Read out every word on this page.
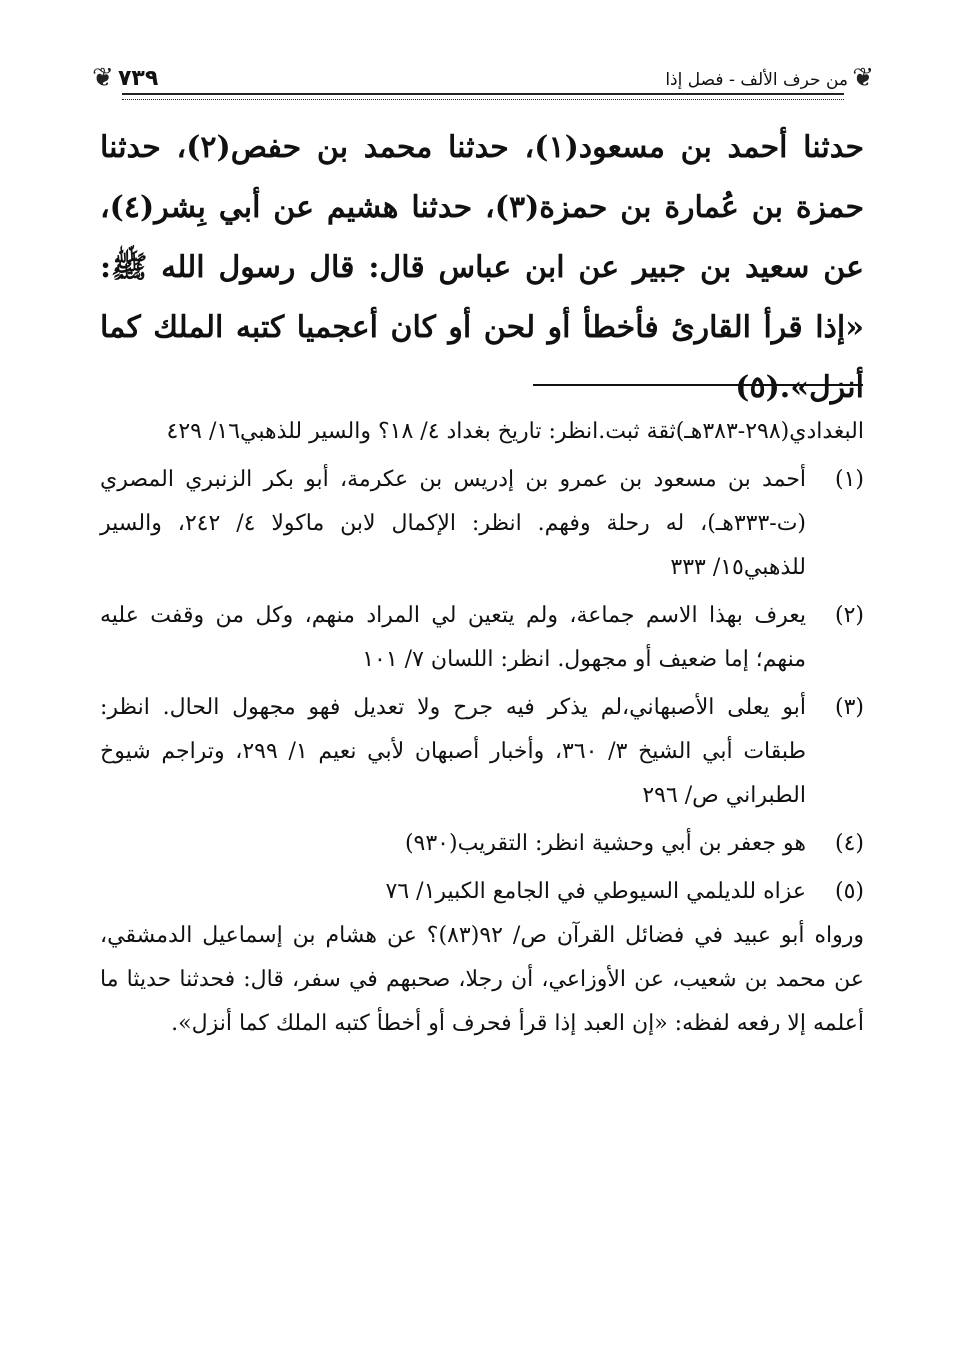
❦
من حرف الألف - فصل إذا
٧٣٩
❦

حدثنا أحمد بن مسعود(١)، حدثنا محمد بن حفص(٢)، حدثنا حمزة بن عُمارة بن حمزة(٣)، حدثنا هشيم عن أبي بِشر(٤)، عن سعيد بن جبير عن ابن عباس قال: قال رسول الله ﷺ: «إذا قرأ القارئ فأخطأ أو لحن أو كان أعجميا كتبه الملك كما أنزل».(٥)

البغدادي(٢٩٨-٣٨٣هـ)ثقة ثبت.انظر: تاريخ بغداد ٤/ ١٨؟ والسير للذهبي١٦/ ٤٢٩

(١)
أحمد بن مسعود بن عمرو بن إدريس بن عكرمة، أبو بكر الزنبري المصري (ت-٣٣٣هـ)، له رحلة وفهم. انظر: الإكمال لابن ماكولا ٤/ ٢٤٢، والسير للذهبي١٥/ ٣٣٣
(٢)
يعرف بهذا الاسم جماعة، ولم يتعين لي المراد منهم، وكل من وقفت عليه منهم؛ إما ضعيف أو مجهول. انظر: اللسان ٧/ ١٠١
(٣)
أبو يعلى الأصبهاني،لم يذكر فيه جرح ولا تعديل فهو مجهول الحال. انظر: طبقات أبي الشيخ ٣/ ٣٦٠، وأخبار أصبهان لأبي نعيم ١/ ٢٩٩، وتراجم شيوخ الطبراني ص/ ٢٩٦
(٤)
هو جعفر بن أبي وحشية انظر: التقريب(٩٣٠)
(٥)
عزاه للديلمي السيوطي في الجامع الكبير١/ ٧٦

ورواه أبو عبيد في فضائل القرآن ص/ ٩٢(٨٣)؟ عن هشام بن إسماعيل الدمشقي، عن محمد بن شعيب، عن الأوزاعي، أن رجلا، صحبهم في سفر، قال: فحدثنا حديثا ما أعلمه إلا رفعه لفظه: «إن العبد إذا قرأ فحرف أو أخطأ كتبه الملك كما أنزل».
